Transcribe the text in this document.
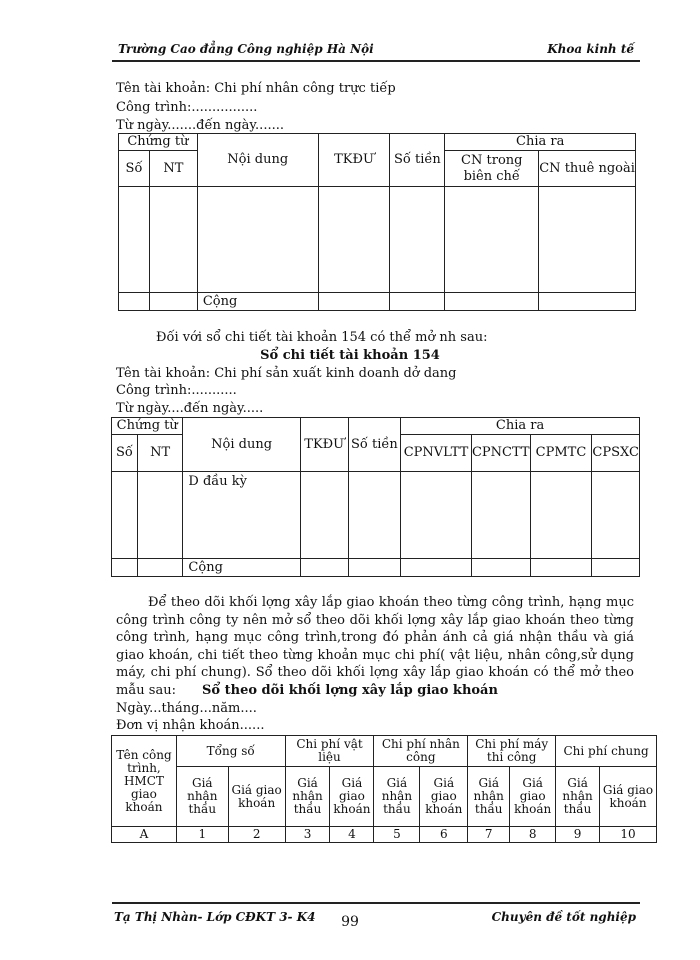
Trường Cao đẳng Công nghiệp Hà Nội	Khoa kinh tế
Tên tài khoản: Chi phí nhân công trực tiếp
Công trình:................
Từ ngày.......đến ngày.......
Chứng từ		Nội dung	TKĐƯ	Số tiền	Chia ra	
Số	NT				CN trong biên chế	CN thuê ngoài

		Cộng				
Đối với sổ chi tiết tài khoản 154 có thể mở nh sau:
Sổ chi tiết tài khoản 154
Tên tài khoản: Chi phí sản xuất kinh doanh dở dang
Công trình:...........
Từ ngày....đến ngày.....
Chứng từ		Nội dung	TKĐƯ	Số tiền	Chia ra			
Số	NT				CPNVLTT	CPNCTT	CPMTC	CPSXC
		D đầu kỳ						
		Cộng						

Để theo dõi khối lợng xây lắp giao khoán theo từng công trình, hạng mục công trình công ty nên mở sổ theo dõi khối lợng xây lắp giao khoán theo từng công trình, hạng mục công trình,trong đó phản ánh cả giá nhận thầu và giá giao khoán, chi tiết theo từng khoản mục chi phí( vật liệu, nhân công,sử dụng máy, chi phí chung). Sổ theo dõi khối lợng xây lắp giao khoán có thể mở theo mẫu sau:	Sổ theo dõi khối lợng xây lắp giao khoán
Ngày...tháng...năm....
Đơn vị nhận khoán......
Tên công trình, HMCT giao khoán	Tổng số		Chi phí vật liệu		Chi phí nhân công		Chi phí máy thi công		Chi phí chung	
	Giá nhận thầu	Giá giao khoán	Giá nhận thầu	Giá giao khoán	Giá nhận thầu	Giá giao khoán	Giá nhận thầu	Giá giao khoán	Giá nhận thầu	Giá giao khoán
A	1	2	3	4	5	6	7	8	9	10
Tạ Thị Nhàn- Lớp CĐKT 3- K4	Chuyên đề tốt nghiệp
99
